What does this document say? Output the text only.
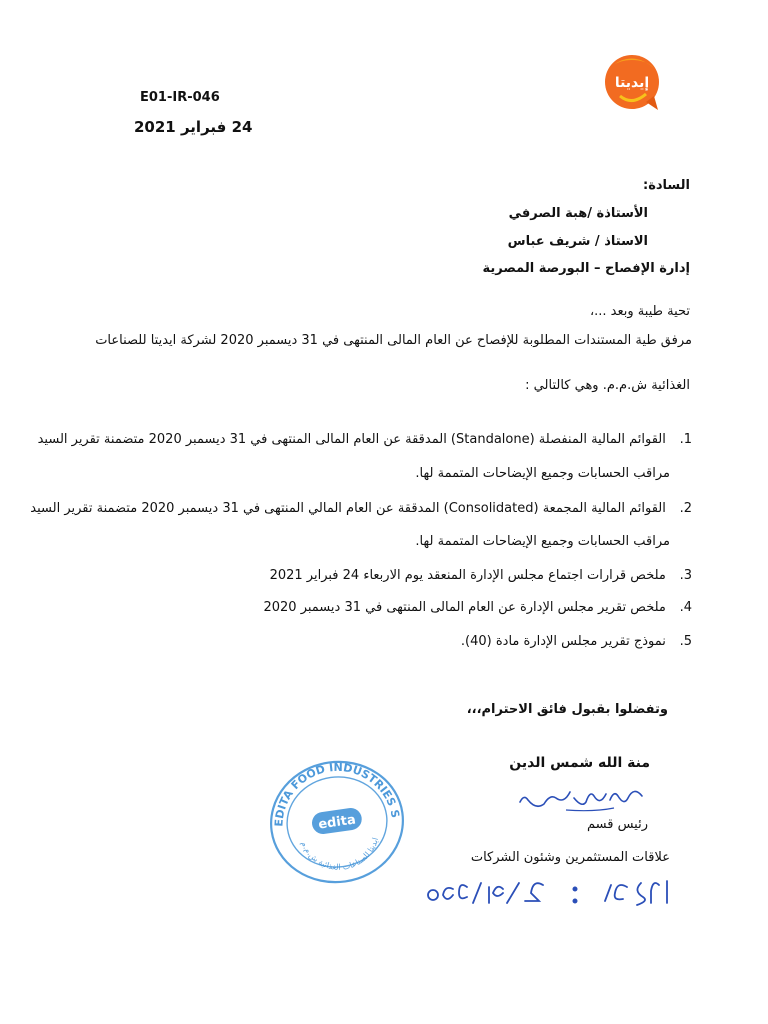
E01-IR-046
24 فبراير 2021
إيديتا
السادة:
الأستاذة /هبة الصرفي
الاستاذ / شريف عباس
إدارة الإفصاح – البورصة المصرية
تحية طيبة وبعد ...،
مرفق طية المستندات المطلوبة للإفصاح عن العام المالى المنتهى في 31 ديسمبر 2020 لشركة ايديتا للصناعات
الغذائية ش.م.م. وهي كالتالي :
1. القوائم المالية المنفصلة (Standalone) المدققة عن العام المالى المنتهى في 31 ديسمبر 2020 متضمنة تقرير السيد
مراقب الحسابات وجميع الإيضاحات المتممة لها.
2. القوائم المالية المجمعة (Consolidated) المدققة عن العام المالي المنتهى في 31 ديسمبر 2020 متضمنة تقرير السيد
مراقب الحسابات وجميع الإيضاحات المتممة لها.
3. ملخص قرارات اجتماع مجلس الإدارة المنعقد يوم الاربعاء 24 فبراير 2021
4. ملخص تقرير مجلس الإدارة عن العام المالى المنتهى في 31 ديسمبر 2020
5. نموذج تقرير مجلس الإدارة مادة (40).
وتفضلوا بقبول فائق الاحترام،،،
منة الله شمس الدين
رئيس قسم
علاقات المستثمرين وشئون الشركات
EDITA FOOD INDUSTRIES S.A.E.
ايديتا للصناعات الغذائية ش.م.م
edita
